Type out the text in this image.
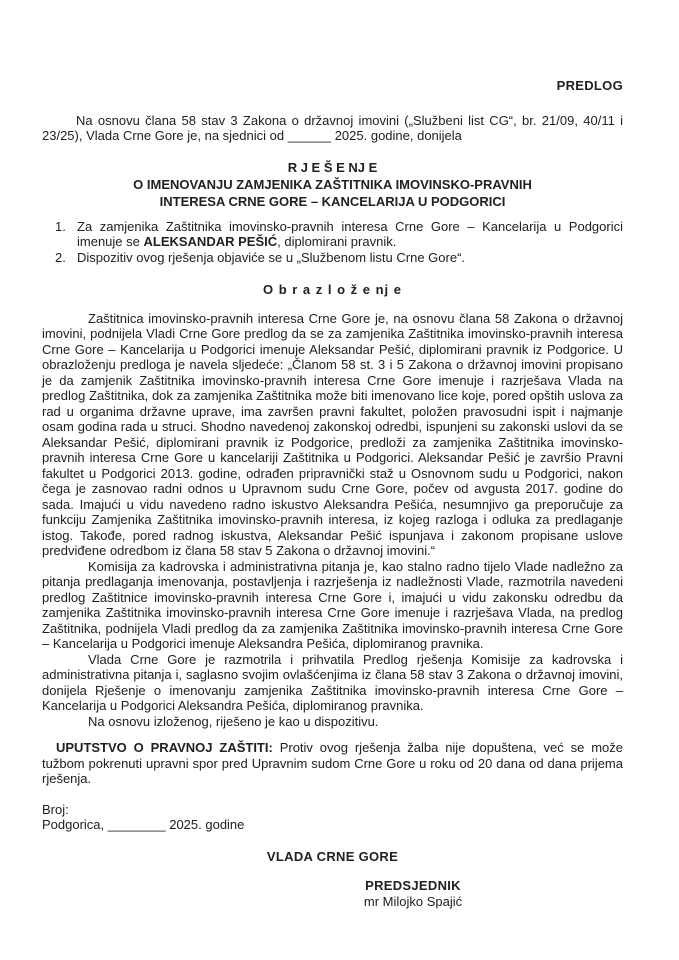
PREDLOG

Na osnovu člana 58 stav 3 Zakona o državnoj imovini („Službeni list CG“, br. 21/09, 40/11 i 23/25), Vlada Crne Gore je, na sjednici od ______ 2025. godine, donijela

R J E Š E NJ E
O IMENOVANJU ZAMJENIKA ZAŠTITNIKA IMOVINSKO-PRAVNIH
INTERESA CRNE GORE – KANCELARIJA U PODGORICI
1. Za zamjenika Zaštitnika imovinsko-pravnih interesa Crne Gore – Kancelarija u Podgorici imenuje se ALEKSANDAR PEŠIĆ, diplomirani pravnik.
2. Dispozitiv ovog rješenja objaviće se u „Službenom listu Crne Gore“.
O b r a z l o ž e nj e

Zaštitnica imovinsko-pravnih interesa Crne Gore je, na osnovu člana 58 Zakona o državnoj imovini, podnijela Vladi Crne Gore predlog da se za zamjenika Zaštitnika imovinsko-pravnih interesa Crne Gore – Kancelarija u Podgorici imenuje Aleksandar Pešić, diplomirani pravnik iz Podgorice. U obrazloženju predloga je navela sljedeće: „Članom 58 st. 3 i 5 Zakona o državnoj imovini propisano je da zamjenik Zaštitnika imovinsko-pravnih interesa Crne Gore imenuje i razrješava Vlada na predlog Zaštitnika, dok za zamjenika Zaštitnika može biti imenovano lice koje, pored opštih uslova za rad u organima državne uprave, ima završen pravni fakultet, položen pravosudni ispit i najmanje osam godina rada u struci. Shodno navedenoj zakonskoj odredbi, ispunjeni su zakonski uslovi da se Aleksandar Pešić, diplomirani pravnik iz Podgorice, predloži za zamjenika Zaštitnika imovinsko-pravnih interesa Crne Gore u kancelariji Zaštitnika u Podgorici. Aleksandar Pešić je završio Pravni fakultet u Podgorici 2013. godine, odrađen pripravnički staž u Osnovnom sudu u Podgorici, nakon čega je zasnovao radni odnos u Upravnom sudu Crne Gore, počev od avgusta 2017. godine do sada. Imajući u vidu navedeno radno iskustvo Aleksandra Pešića, nesumnjivo ga preporučuje za funkciju Zamjenika Zaštitnika imovinsko-pravnih interesa, iz kojeg razloga i odluka za predlaganje istog. Takođe, pored radnog iskustva, Aleksandar Pešić ispunjava i zakonom propisane uslove predviđene odredbom iz člana 58 stav 5 Zakona o državnoj imovini.“

Komisija za kadrovska i administrativna pitanja je, kao stalno radno tijelo Vlade nadležno za pitanja predlaganja imenovanja, postavljenja i razrješenja iz nadležnosti Vlade, razmotrila navedeni predlog Zaštitnice imovinsko-pravnih interesa Crne Gore i, imajući u vidu zakonsku odredbu da zamjenika Zaštitnika imovinsko-pravnih interesa Crne Gore imenuje i razrješava Vlada, na predlog Zaštitnika, podnijela Vladi predlog da za zamjenika Zaštitnika imovinsko-pravnih interesa Crne Gore – Kancelarija u Podgorici imenuje Aleksandra Pešića, diplomiranog pravnika.

Vlada Crne Gore je razmotrila i prihvatila Predlog rješenja Komisije za kadrovska i administrativna pitanja i, saglasno svojim ovlašćenjima iz člana 58 stav 3 Zakona o državnoj imovini, donijela Rješenje o imenovanju zamjenika Zaštitnika imovinsko-pravnih interesa Crne Gore – Kancelarija u Podgorici Aleksandra Pešića, diplomiranog pravnika.

Na osnovu izloženog, riješeno je kao u dispozitivu.

UPUTSTVO O PRAVNOJ ZAŠTITI: Protiv ovog rješenja žalba nije dopuštena, već se može tužbom pokrenuti upravni spor pred Upravnim sudom Crne Gore u roku od 20 dana od dana prijema rješenja.

Broj:
Podgorica, ________ 2025. godine
VLADA CRNE GORE
PREDSJEDNIK
mr Milojko Spajić
